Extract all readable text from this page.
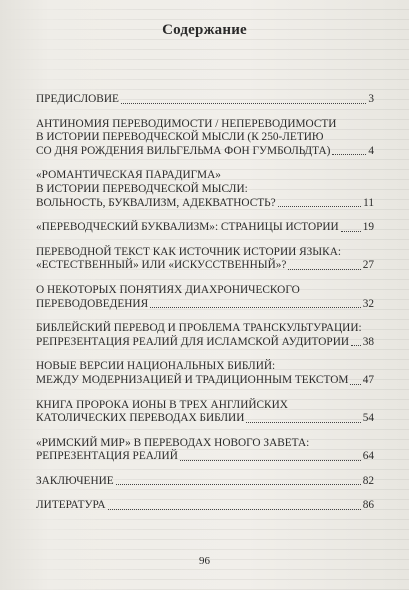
Содержание
ПРЕДИСЛОВИЕ	3
АНТИНОМИЯ ПЕРЕВОДИМОСТИ / НЕПЕРЕВОДИМОСТИ
В ИСТОРИИ ПЕРЕВОДЧЕСКОЙ МЫСЛИ (К 250-ЛЕТИЮ
СО ДНЯ РОЖДЕНИЯ ВИЛЬГЕЛЬМА ФОН ГУМБОЛЬДТА)	4
«РОМАНТИЧЕСКАЯ ПАРАДИГМА»
В ИСТОРИИ ПЕРЕВОДЧЕСКОЙ МЫСЛИ:
ВОЛЬНОСТЬ, БУКВАЛИЗМ, АДЕКВАТНОСТЬ?	11
«ПЕРЕВОДЧЕСКИЙ БУКВАЛИЗМ»: СТРАНИЦЫ ИСТОРИИ 19
ПЕРЕВОДНОЙ ТЕКСТ КАК ИСТОЧНИК ИСТОРИИ ЯЗЫКА:
«ЕСТЕСТВЕННЫЙ» ИЛИ «ИСКУССТВЕННЫЙ»?	27
О НЕКОТОРЫХ ПОНЯТИЯХ ДИАХРОНИЧЕСКОГО
ПЕРЕВОДОВЕДЕНИЯ	32
БИБЛЕЙСКИЙ ПЕРЕВОД И ПРОБЛЕМА ТРАНСКУЛЬТУРАЦИИ:
РЕПРЕЗЕНТАЦИЯ РЕАЛИЙ ДЛЯ ИСЛАМСКОЙ АУДИТОРИИ 38
НОВЫЕ ВЕРСИИ НАЦИОНАЛЬНЫХ БИБЛИЙ:
МЕЖДУ МОДЕРНИЗАЦИЕЙ И ТРАДИЦИОННЫМ ТЕКСТОМ 47
КНИГА ПРОРОКА ИОНЫ В ТРЕХ АНГЛИЙСКИХ
КАТОЛИЧЕСКИХ ПЕРЕВОДАХ БИБЛИИ	54
«РИМСКИЙ МИР» В ПЕРЕВОДАХ НОВОГО ЗАВЕТА:
РЕПРЕЗЕНТАЦИЯ РЕАЛИЙ	64
ЗАКЛЮЧЕНИЕ	82
ЛИТЕРАТУРА	86
96
